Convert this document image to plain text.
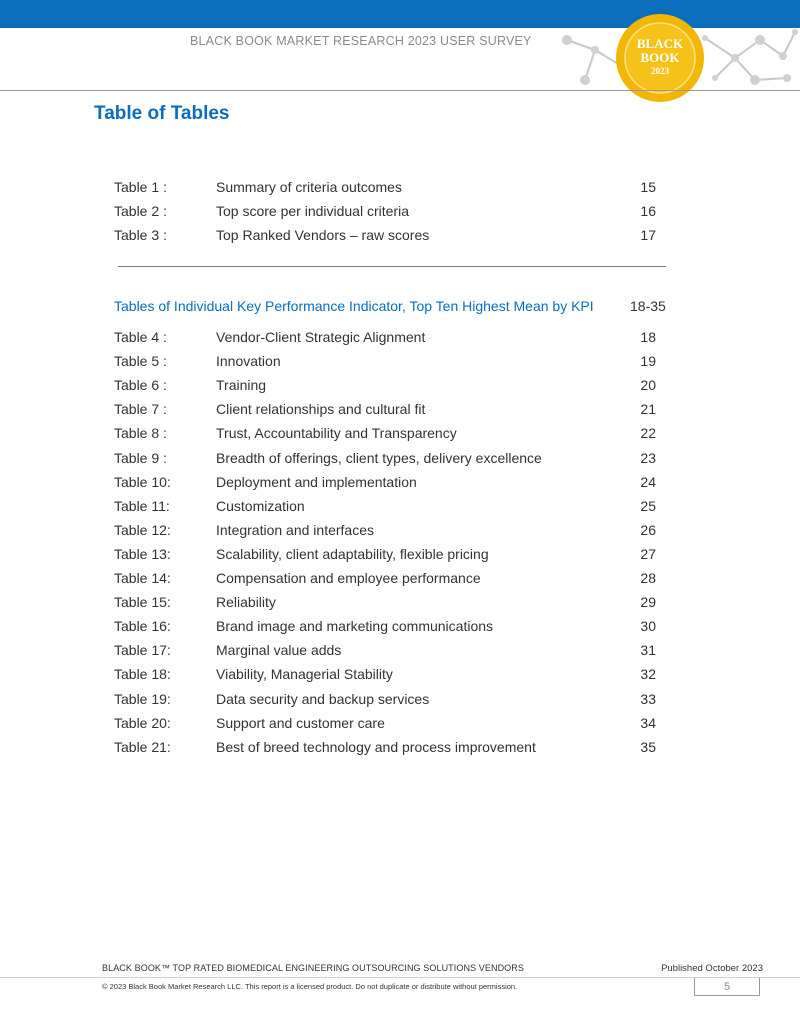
BLACK BOOK MARKET RESEARCH 2023 USER SURVEY	BLACK
BOOK
2023
Table of Tables
Table 1 :	Summary of criteria outcomes	15
Table 2 :	Top score per individual criteria	16
Table 3 :	Top Ranked Vendors – raw scores	17
Tables of Individual Key Performance Indicator, Top Ten Highest Mean by KPI	18-35
Table 4 :	Vendor-Client Strategic Alignment	18
Table 5 :	Innovation	19
Table 6 :	Training	20
Table 7 :	Client relationships and cultural fit	21
Table 8 :	Trust, Accountability and Transparency	22
Table 9 :	Breadth of offerings, client types, delivery excellence	23
Table 10:	Deployment and implementation	24
Table 11:	Customization	25
Table 12:	Integration and interfaces	26
Table 13:	Scalability, client adaptability, flexible pricing	27
Table 14:	Compensation and employee performance	28
Table 15:	Reliability	29
Table 16:	Brand image and marketing communications	30
Table 17:	Marginal value adds	31
Table 18:	Viability, Managerial Stability	32
Table 19:	Data security and backup services	33
Table 20:	Support and customer care	34
Table 21:	Best of breed technology and process improvement	35
BLACK BOOK™ TOP RATED BIOMEDICAL ENGINEERING OUTSOURCING SOLUTIONS VENDORS	Published October 2023
© 2023 Black Book Market Research LLC. This report is a licensed product. Do not duplicate or distribute without permission.	5
